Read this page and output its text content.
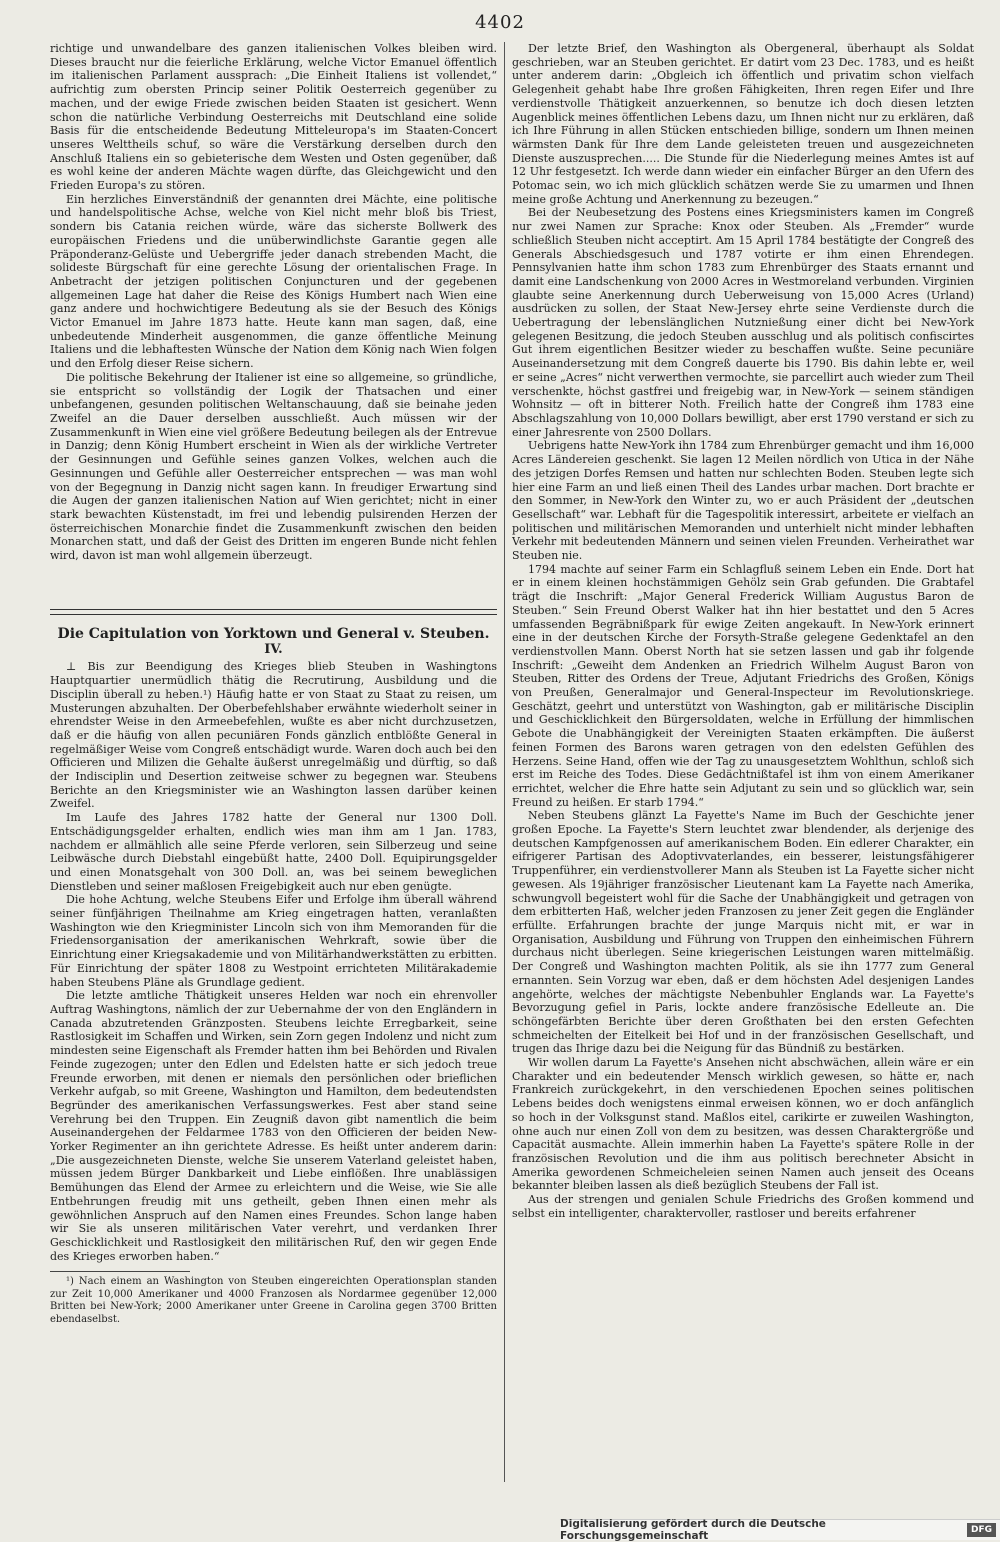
4402

richtige und unwandelbare des ganzen italienischen Volkes bleiben wird. Dieses braucht nur die feierliche Erklärung, welche Victor Emanuel öffentlich im italienischen Parlament aussprach: „Die Einheit Italiens ist vollendet,“ aufrichtig zum obersten Princip seiner Politik Oesterreich gegenüber zu machen, und der ewige Friede zwischen beiden Staaten ist gesichert. Wenn schon die natürliche Verbindung Oesterreichs mit Deutschland eine solide Basis für die entscheidende Bedeutung Mitteleuropa's im Staaten-Concert unseres Welttheils schuf, so wäre die Verstärkung derselben durch den Anschluß Italiens ein so gebieterische dem Westen und Osten gegenüber, daß es wohl keine der anderen Mächte wagen dürfte, das Gleichgewicht und den Frieden Europa's zu stören.

Ein herzliches Einverständniß der genannten drei Mächte, eine politische und handelspolitische Achse, welche von Kiel nicht mehr bloß bis Triest, sondern bis Catania reichen würde, wäre das sicherste Bollwerk des europäischen Friedens und die unüberwindlichste Garantie gegen alle Präponderanz-Gelüste und Uebergriffe jeder danach strebenden Macht, die solideste Bürgschaft für eine gerechte Lösung der orientalischen Frage. In Anbetracht der jetzigen politischen Conjuncturen und der gegebenen allgemeinen Lage hat daher die Reise des Königs Humbert nach Wien eine ganz andere und hochwichtigere Bedeutung als sie der Besuch des Königs Victor Emanuel im Jahre 1873 hatte. Heute kann man sagen, daß, eine unbedeutende Minderheit ausgenommen, die ganze öffentliche Meinung Italiens und die lebhaftesten Wünsche der Nation dem König nach Wien folgen und den Erfolg dieser Reise sichern.

Die politische Bekehrung der Italiener ist eine so allgemeine, so gründliche, sie entspricht so vollständig der Logik der Thatsachen und einer unbefangenen, gesunden politischen Weltanschauung, daß sie beinahe jeden Zweifel an die Dauer derselben ausschließt. Auch müssen wir der Zusammenkunft in Wien eine viel größere Bedeutung beilegen als der Entrevue in Danzig; denn König Humbert erscheint in Wien als der wirkliche Vertreter der Gesinnungen und Gefühle seines ganzen Volkes, welchen auch die Gesinnungen und Gefühle aller Oesterreicher entsprechen — was man wohl von der Begegnung in Danzig nicht sagen kann. In freudiger Erwartung sind die Augen der ganzen italienischen Nation auf Wien gerichtet; nicht in einer stark bewachten Küstenstadt, im frei und lebendig pulsirenden Herzen der österreichischen Monarchie findet die Zusammenkunft zwischen den beiden Monarchen statt, und daß der Geist des Dritten im engeren Bunde nicht fehlen wird, davon ist man wohl allgemein überzeugt.

Die Capitulation von Yorktown und General v. Steuben.
IV.

⊥ Bis zur Beendigung des Krieges blieb Steuben in Washingtons Hauptquartier unermüdlich thätig die Recrutirung, Ausbildung und die Disciplin überall zu heben.¹) Häufig hatte er von Staat zu Staat zu reisen, um Musterungen abzuhalten. Der Oberbefehlshaber erwähnte wiederholt seiner in ehrendster Weise in den Armeebefehlen, wußte es aber nicht durchzusetzen, daß er die häufig von allen pecuniären Fonds gänzlich entblößte General in regelmäßiger Weise vom Congreß entschädigt wurde. Waren doch auch bei den Officieren und Milizen die Gehalte äußerst unregelmäßig und dürftig, so daß der Indisciplin und Desertion zeitweise schwer zu begegnen war. Steubens Berichte an den Kriegsminister wie an Washington lassen darüber keinen Zweifel.

Im Laufe des Jahres 1782 hatte der General nur 1300 Doll. Entschädigungsgelder erhalten, endlich wies man ihm am 1 Jan. 1783, nachdem er allmählich alle seine Pferde verloren, sein Silberzeug und seine Leibwäsche durch Diebstahl eingebüßt hatte, 2400 Doll. Equipirungsgelder und einen Monatsgehalt von 300 Doll. an, was bei seinem beweglichen Dienstleben und seiner maßlosen Freigebigkeit auch nur eben genügte.

Die hohe Achtung, welche Steubens Eifer und Erfolge ihm überall während seiner fünfjährigen Theilnahme am Krieg eingetragen hatten, veranlaßten Washington wie den Kriegminister Lincoln sich von ihm Memoranden für die Friedensorganisation der amerikanischen Wehrkraft, sowie über die Einrichtung einer Kriegsakademie und von Militärhandwerkstätten zu erbitten. Für Einrichtung der später 1808 zu Westpoint errichteten Militärakademie haben Steubens Pläne als Grundlage gedient.

Die letzte amtliche Thätigkeit unseres Helden war noch ein ehrenvoller Auftrag Washingtons, nämlich der zur Uebernahme der von den Engländern in Canada abzutretenden Gränzposten. Steubens leichte Erregbarkeit, seine Rastlosigkeit im Schaffen und Wirken, sein Zorn gegen Indolenz und nicht zum mindesten seine Eigenschaft als Fremder hatten ihm bei Behörden und Rivalen Feinde zugezogen; unter den Edlen und Edelsten hatte er sich jedoch treue Freunde erworben, mit denen er niemals den persönlichen oder brieflichen Verkehr aufgab, so mit Greene, Washington und Hamilton, dem bedeutendsten Begründer des amerikanischen Verfassungswerkes. Fest aber stand seine Verehrung bei den Truppen. Ein Zeugniß davon gibt namentlich die beim Auseinandergehen der Feldarmee 1783 von den Officieren der beiden New-Yorker Regimenter an ihn gerichtete Adresse. Es heißt unter anderem darin: „Die ausgezeichneten Dienste, welche Sie unserem Vaterland geleistet haben, müssen jedem Bürger Dankbarkeit und Liebe einflößen. Ihre unablässigen Bemühungen das Elend der Armee zu erleichtern und die Weise, wie Sie alle Entbehrungen freudig mit uns getheilt, geben Ihnen einen mehr als gewöhnlichen Anspruch auf den Namen eines Freundes. Schon lange haben wir Sie als unseren militärischen Vater verehrt, und verdanken Ihrer Geschicklichkeit und Rastlosigkeit den militärischen Ruf, den wir gegen Ende des Krieges erworben haben.“

¹) Nach einem an Washington von Steuben eingereichten Operationsplan standen zur Zeit 10,000 Amerikaner und 4000 Franzosen als Nordarmee gegenüber 12,000 Britten bei New-York; 2000 Amerikaner unter Greene in Carolina gegen 3700 Britten ebendaselbst.

Der letzte Brief, den Washington als Obergeneral, überhaupt als Soldat geschrieben, war an Steuben gerichtet. Er datirt vom 23 Dec. 1783, und es heißt unter anderem darin: „Obgleich ich öffentlich und privatim schon vielfach Gelegenheit gehabt habe Ihre großen Fähigkeiten, Ihren regen Eifer und Ihre verdienstvolle Thätigkeit anzuerkennen, so benutze ich doch diesen letzten Augenblick meines öffentlichen Lebens dazu, um Ihnen nicht nur zu erklären, daß ich Ihre Führung in allen Stücken entschieden billige, sondern um Ihnen meinen wärmsten Dank für Ihre dem Lande geleisteten treuen und ausgezeichneten Dienste auszusprechen..... Die Stunde für die Niederlegung meines Amtes ist auf 12 Uhr festgesetzt. Ich werde dann wieder ein einfacher Bürger an den Ufern des Potomac sein, wo ich mich glücklich schätzen werde Sie zu umarmen und Ihnen meine große Achtung und Anerkennung zu bezeugen.“

Bei der Neubesetzung des Postens eines Kriegsministers kamen im Congreß nur zwei Namen zur Sprache: Knox oder Steuben. Als „Fremder“ wurde schließlich Steuben nicht acceptirt. Am 15 April 1784 bestätigte der Congreß des Generals Abschiedsgesuch und 1787 votirte er ihm einen Ehrendegen. Pennsylvanien hatte ihm schon 1783 zum Ehrenbürger des Staats ernannt und damit eine Landschenkung von 2000 Acres in Westmoreland verbunden. Virginien glaubte seine Anerkennung durch Ueberweisung von 15,000 Acres (Urland) ausdrücken zu sollen, der Staat New-Jersey ehrte seine Verdienste durch die Uebertragung der lebenslänglichen Nutznießung einer dicht bei New-York gelegenen Besitzung, die jedoch Steuben ausschlug und als politisch confiscirtes Gut ihrem eigentlichen Besitzer wieder zu beschaffen wußte. Seine pecuniäre Auseinandersetzung mit dem Congreß dauerte bis 1790. Bis dahin lebte er, weil er seine „Acres“ nicht verwerthen vermochte, sie parcellirt auch wieder zum Theil verschenkte, höchst gastfrei und freigebig war, in New-York — seinem ständigen Wohnsitz — oft in bitterer Noth. Freilich hatte der Congreß ihm 1783 eine Abschlagszahlung von 10,000 Dollars bewilligt, aber erst 1790 verstand er sich zu einer Jahresrente von 2500 Dollars.

Uebrigens hatte New-York ihn 1784 zum Ehrenbürger gemacht und ihm 16,000 Acres Ländereien geschenkt. Sie lagen 12 Meilen nördlich von Utica in der Nähe des jetzigen Dorfes Remsen und hatten nur schlechten Boden. Steuben legte sich hier eine Farm an und ließ einen Theil des Landes urbar machen. Dort brachte er den Sommer, in New-York den Winter zu, wo er auch Präsident der „deutschen Gesellschaft“ war. Lebhaft für die Tagespolitik interessirt, arbeitete er vielfach an politischen und militärischen Memoranden und unterhielt nicht minder lebhaften Verkehr mit bedeutenden Männern und seinen vielen Freunden. Verheirathet war Steuben nie.

1794 machte auf seiner Farm ein Schlagfluß seinem Leben ein Ende. Dort hat er in einem kleinen hochstämmigen Gehölz sein Grab gefunden. Die Grabtafel trägt die Inschrift: „Major General Frederick William Augustus Baron de Steuben.“ Sein Freund Oberst Walker hat ihn hier bestattet und den 5 Acres umfassenden Begräbnißpark für ewige Zeiten angekauft. In New-York erinnert eine in der deutschen Kirche der Forsyth-Straße gelegene Gedenktafel an den verdienstvollen Mann. Oberst North hat sie setzen lassen und gab ihr folgende Inschrift: „Geweiht dem Andenken an Friedrich Wilhelm August Baron von Steuben, Ritter des Ordens der Treue, Adjutant Friedrichs des Großen, Königs von Preußen, Generalmajor und General-Inspecteur im Revolutionskriege. Geschätzt, geehrt und unterstützt von Washington, gab er militärische Disciplin und Geschicklichkeit den Bürgersoldaten, welche in Erfüllung der himmlischen Gebote die Unabhängigkeit der Vereinigten Staaten erkämpften. Die äußerst feinen Formen des Barons waren getragen von den edelsten Gefühlen des Herzens. Seine Hand, offen wie der Tag zu unausgesetztem Wohlthun, schloß sich erst im Reiche des Todes. Diese Gedächtnißtafel ist ihm von einem Amerikaner errichtet, welcher die Ehre hatte sein Adjutant zu sein und so glücklich war, sein Freund zu heißen. Er starb 1794.“

Neben Steubens glänzt La Fayette's Name im Buch der Geschichte jener großen Epoche. La Fayette's Stern leuchtet zwar blendender, als derjenige des deutschen Kampfgenossen auf amerikanischem Boden. Ein edlerer Charakter, ein eifrigerer Partisan des Adoptivvaterlandes, ein besserer, leistungsfähigerer Truppenführer, ein verdienstvollerer Mann als Steuben ist La Fayette sicher nicht gewesen. Als 19jähriger französischer Lieutenant kam La Fayette nach Amerika, schwungvoll begeistert wohl für die Sache der Unabhängigkeit und getragen von dem erbitterten Haß, welcher jeden Franzosen zu jener Zeit gegen die Engländer erfüllte. Erfahrungen brachte der junge Marquis nicht mit, er war in Organisation, Ausbildung und Führung von Truppen den einheimischen Führern durchaus nicht überlegen. Seine kriegerischen Leistungen waren mittelmäßig. Der Congreß und Washington machten Politik, als sie ihn 1777 zum General ernannten. Sein Vorzug war eben, daß er dem höchsten Adel desjenigen Landes angehörte, welches der mächtigste Nebenbuhler Englands war. La Fayette's Bevorzugung gefiel in Paris, lockte andere französische Edelleute an. Die schöngefärbten Berichte über deren Großthaten bei den ersten Gefechten schmeichelten der Eitelkeit bei Hof und in der französischen Gesellschaft, und trugen das Ihrige dazu bei die Neigung für das Bündniß zu bestärken.

Wir wollen darum La Fayette's Ansehen nicht abschwächen, allein wäre er ein Charakter und ein bedeutender Mensch wirklich gewesen, so hätte er, nach Frankreich zurückgekehrt, in den verschiedenen Epochen seines politischen Lebens beides doch wenigstens einmal erweisen können, wo er doch anfänglich so hoch in der Volksgunst stand. Maßlos eitel, carikirte er zuweilen Washington, ohne auch nur einen Zoll von dem zu besitzen, was dessen Charaktergröße und Capacität ausmachte. Allein immerhin haben La Fayette's spätere Rolle in der französischen Revolution und die ihm aus politisch berechneter Absicht in Amerika gewordenen Schmeicheleien seinen Namen auch jenseit des Oceans bekannter bleiben lassen als dieß bezüglich Steubens der Fall ist.

Aus der strengen und genialen Schule Friedrichs des Großen kommend und selbst ein intelligenter, charaktervoller, rastloser und bereits erfahrener

Digitalisierung gefördert durch die Deutsche Forschungsgemeinschaft	DFG
